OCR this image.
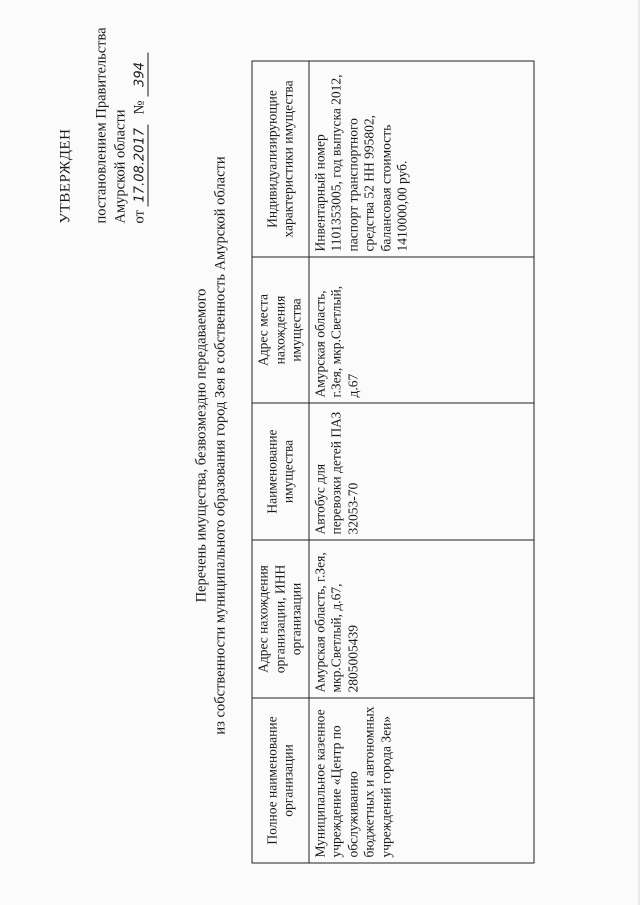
УТВЕРЖДЕН постановлением Правительства Амурской области от 17.08.2017 № 394
Перечень имущества, безвозмездно передаваемого из собственности муниципального образования город Зея в собственность Амурской области
Полное наименование организации	Адрес нахождения организации, ИНН организации	Наименование имущества	Адрес места нахождения имущества	Индивидуализирующие характеристики имущества
Муниципальное казенное учреждение «Центр по обслуживанию бюджетных и автономных учреждений города Зеи»	Амурская область, г.Зея, мкр.Светлый, д.67, 2805005439	Автобус для перевозки детей ПАЗ 32053-70	Амурская область, г.Зея, мкр.Светлый, д.67	Инвентарный номер 1101353005, год выпуска 2012, паспорт транспортного средства 52 НН 995802, балансовая стоимость 1410000,00 руб.
